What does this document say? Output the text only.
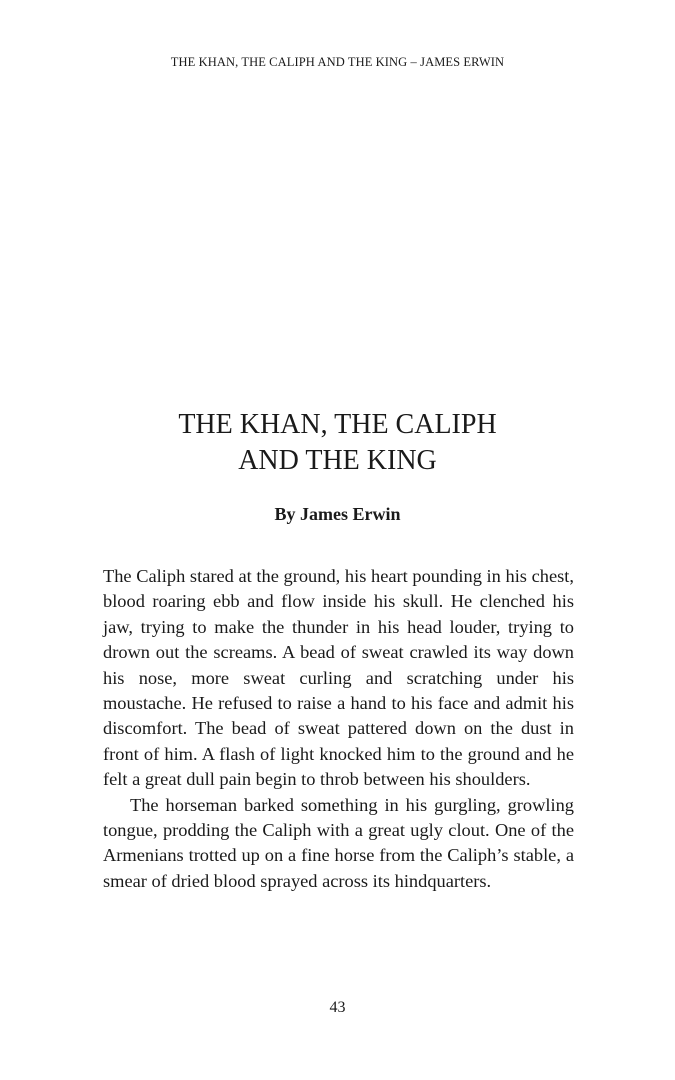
THE KHAN, THE CALIPH AND THE KING – JAMES ERWIN
THE KHAN, THE CALIPH
AND THE KING
By James Erwin

The Caliph stared at the ground, his heart pounding in his chest, blood roaring ebb and flow inside his skull. He clenched his jaw, trying to make the thunder in his head louder, trying to drown out the screams. A bead of sweat crawled its way down his nose, more sweat curling and scratching under his moustache. He refused to raise a hand to his face and admit his discomfort. The bead of sweat pattered down on the dust in front of him. A flash of light knocked him to the ground and he felt a great dull pain begin to throb between his shoulders.

The horseman barked something in his gurgling, growling tongue, prodding the Caliph with a great ugly clout. One of the Armenians trotted up on a fine horse from the Caliph’s stable, a smear of dried blood sprayed across its hindquarters.

43
